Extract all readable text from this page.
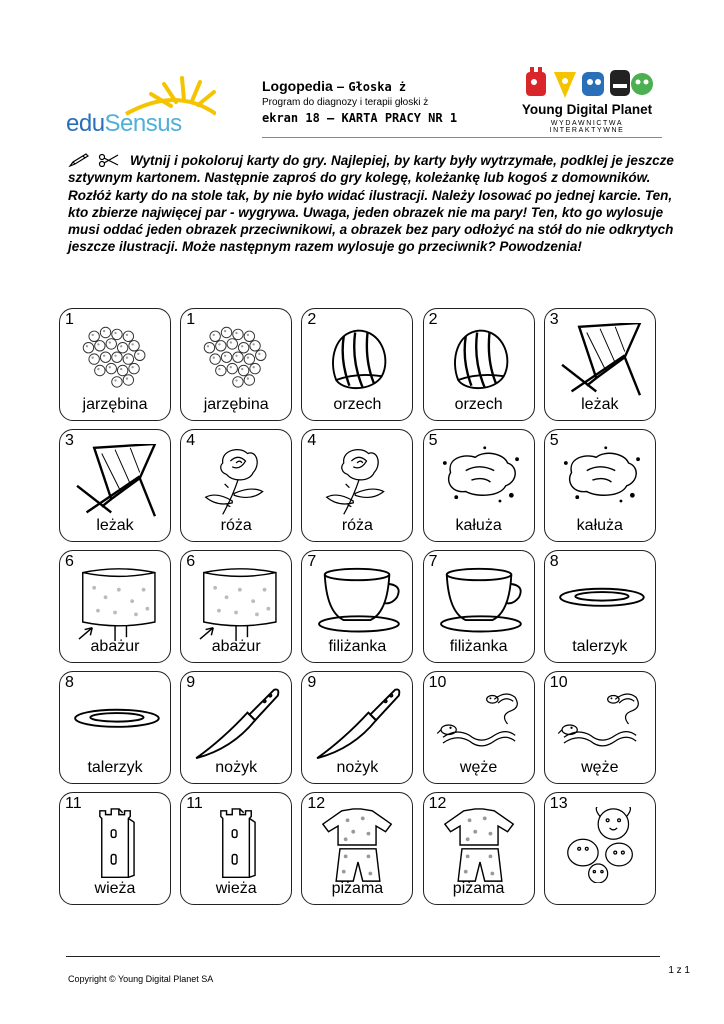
eduSensus
Logopedia – Głoska ż
Program do diagnozy i terapii głoski ż
ekran 18 – KARTA PRACY NR 1
Young Digital Planet
WYDAWNICTWA INTERAKTYWNE
Wytnij i pokoloruj karty do gry. Najlepiej, by karty były wytrzymałe, podklej je jeszcze sztywnym kartonem. Następnie zaproś do gry kolegę, koleżankę lub kogoś z domowników. Rozłóż karty do na stole tak, by nie było widać ilustracji. Należy losować po jednej karcie. Ten, kto zbierze najwięcej par - wygrywa. Uwaga, jeden obrazek nie ma pary! Ten, kto go wylosuje musi oddać jeden obrazek przeciwnikowi, a obrazek bez pary odłożyć na stół do nie odkrytych jeszcze ilustracji. Może następnym razem wylosuje go przeciwnik? Powodzenia!
1
jarzębina
1
jarzębina
2
orzech
2
orzech
3
leżak
3
leżak
4
róża
4
róża
5
kałuża
5
kałuża
6
abażur
6
abażur
7
filiżanka
7
filiżanka
8
talerzyk
8
talerzyk
9
nożyk
9
nożyk
10
węże
10
węże
11
wieża
11
wieża
12
piżama
12
piżama
13
1 z 1
Copyright © Young Digital Planet SA
